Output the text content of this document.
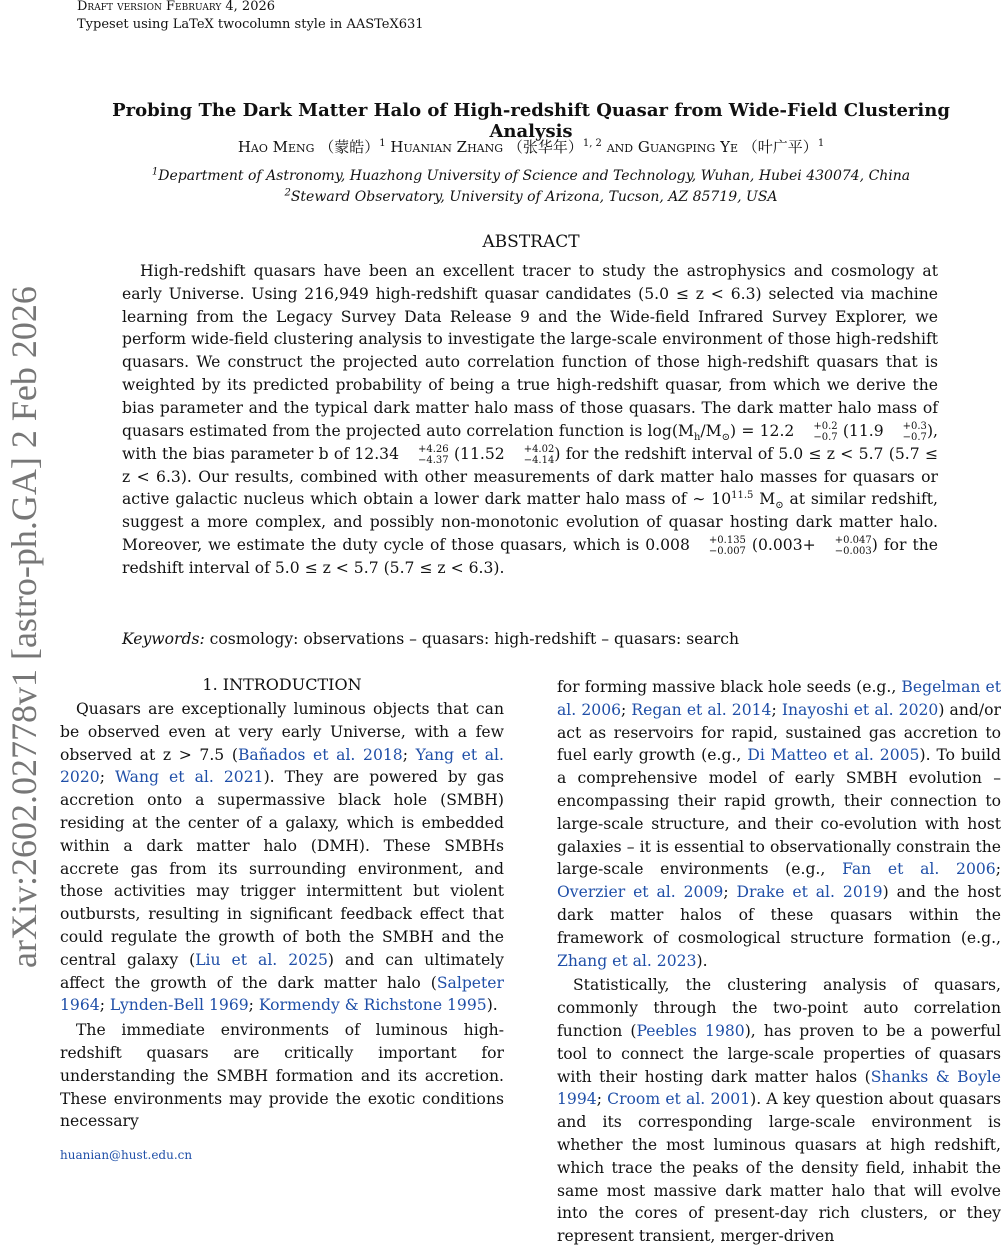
Draft version February 4, 2026
Typeset using LaTeX twocolumn style in AASTeX631
arXiv:2602.02778v1 [astro-ph.GA] 2 Feb 2026
Probing The Dark Matter Halo of High-redshift Quasar from Wide-Field Clustering Analysis
Hao Meng （蒙皓）$^1$ Huanian Zhang （张华年）$^{1, 2}$ and Guangping Ye （叶广平）$^1$
$^1$Department of Astronomy, Huazhong University of Science and Technology, Wuhan, Hubei 430074, China
$^2$Steward Observatory, University of Arizona, Tucson, AZ 85719, USA
ABSTRACT

High-redshift quasars have been an excellent tracer to study the astrophysics and cosmology at early Universe. Using 216,949 high-redshift quasar candidates (5.0 ≤ z < 6.3) selected via machine learning from the Legacy Survey Data Release 9 and the Wide-field Infrared Survey Explorer, we perform wide-field clustering analysis to investigate the large-scale environment of those high-redshift quasars. We construct the projected auto correlation function of those high-redshift quasars that is weighted by its predicted probability of being a true high-redshift quasar, from which we derive the bias parameter and the typical dark matter halo mass of those quasars. The dark matter halo mass of quasars estimated from the projected auto correlation function is $\log(M_h/M_⊙) = 12.2$	+0.2
−0.7 (11.9	+0.3
−0.7 ), with the bias parameter b of 12.34	+4.26
−4.37 (11.52	+4.02
−4.14 ) for the redshift interval of 5.0 ≤ z < 5.7 (5.7 ≤ z < 6.3). Our results, combined with other measurements of dark matter halo masses for quasars or active galactic nucleus which obtain a lower dark matter halo mass of ∼ $10^{11.5}$ $M_⊙$ at similar redshift, suggest a more complex, and possibly non-monotonic evolution of quasar hosting dark matter halo. Moreover, we estimate the duty cycle of those quasars, which is 0.008	+0.135
−0.007 (0.003+	+0.047
−0.003 ) for the redshift interval of 5.0 ≤ z < 5.7 (5.7 ≤ z < 6.3).

Keywords: cosmology: observations – quasars: high-redshift – quasars: search
1. INTRODUCTION

Quasars are exceptionally luminous objects that can be observed even at very early Universe, with a few observed at z > 7.5 (Bañados et al. 2018; Yang et al. 2020; Wang et al. 2021). They are powered by gas accretion onto a supermassive black hole (SMBH) residing at the center of a galaxy, which is embedded within a dark matter halo (DMH). These SMBHs accrete gas from its surrounding environment, and those activities may trigger intermittent but violent outbursts, resulting in significant feedback effect that could regulate the growth of both the SMBH and the central galaxy (Liu et al. 2025) and can ultimately affect the growth of the dark matter halo (Salpeter 1964; Lynden-Bell 1969; Kormendy & Richstone 1995).

The immediate environments of luminous high-redshift quasars are critically important for understanding the SMBH formation and its accretion. These environments may provide the exotic conditions necessary

huanian@hust.edu.cn

for forming massive black hole seeds (e.g., Begelman et al. 2006; Regan et al. 2014; Inayoshi et al. 2020) and/or act as reservoirs for rapid, sustained gas accretion to fuel early growth (e.g., Di Matteo et al. 2005). To build a comprehensive model of early SMBH evolution – encompassing their rapid growth, their connection to large-scale structure, and their co-evolution with host galaxies – it is essential to observationally constrain the large-scale environments (e.g., Fan et al. 2006; Overzier et al. 2009; Drake et al. 2019) and the host dark matter halos of these quasars within the framework of cosmological structure formation (e.g., Zhang et al. 2023).

Statistically, the clustering analysis of quasars, commonly through the two-point auto correlation function (Peebles 1980), has proven to be a powerful tool to connect the large-scale properties of quasars with their hosting dark matter halos (Shanks & Boyle 1994; Croom et al. 2001). A key question about quasars and its corresponding large-scale environment is whether the most luminous quasars at high redshift, which trace the peaks of the density field, inhabit the same most massive dark matter halo that will evolve into the cores of present-day rich clusters, or they represent transient, merger-driven
